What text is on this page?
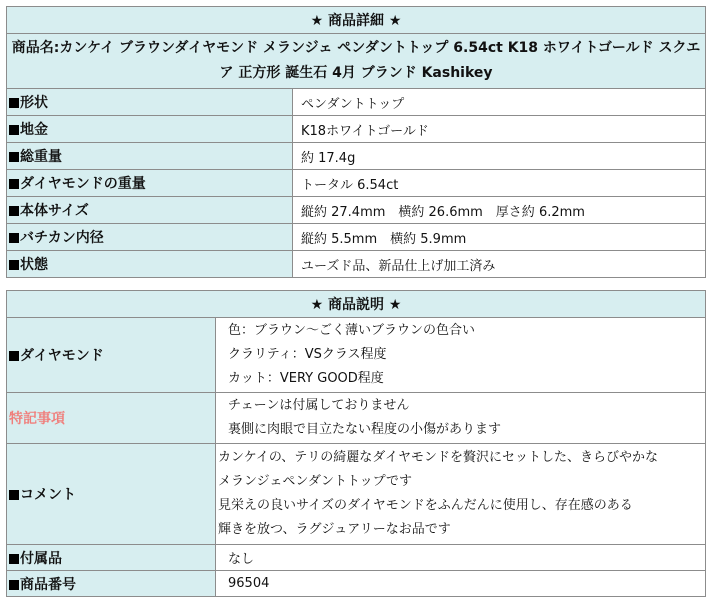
★ 商品詳細 ★	
商品名:カンケイ ブラウンダイヤモンド メランジェ ペンダントトップ 6.54ct K18 ホワイトゴールド スクエア 正方形 誕生石 4月 ブランド Kashikey	
形状	ペンダントトップ
地金	K18ホワイトゴールド
総重量	約 17.4g
ダイヤモンドの重量	トータル 6.54ct
本体サイズ	縦約 27.4mm　横約 26.6mm　厚さ約 6.2mm
バチカン内径	縦約 5.5mm　横約 5.9mm
状態	ユーズド品、新品仕上げ加工済み
★ 商品説明 ★	
ダイヤモンド	色：ブラウン～ごく薄いブラウンの色合い
クラリティ：VSクラス程度
カット：VERY GOOD程度

特記事項	チェーンは付属しておりません
裏側に肉眼で目立たない程度の小傷があります

コメント	カンケイの、テリの綺麗なダイヤモンドを贅沢にセットした、きらびやかな
メランジェペンダントトップです
見栄えの良いサイズのダイヤモンドをふんだんに使用し、存在感のある
輝きを放つ、ラグジュアリーなお品です

付属品	なし
商品番号	96504
